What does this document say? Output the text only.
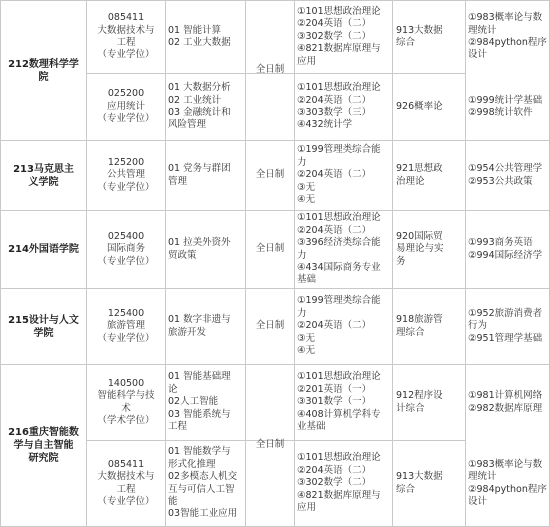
212数理科学学
院
085411
大数据技术与
工程
（专业学位）
01 智能计算
02 工业大数据
全日制
①101思想政治理论
②204英语（二）
③302数学（二）
④821数据库原理与
应用
913大数据
综合
①983概率论与数
理统计
②984python程序
设计
025200
应用统计
（专业学位）
01 大数据分析
02 工业统计
03 金融统计和
风险管理
①101思想政治理论
②204英语（二）
③303数学（三）
④432统计学
926概率论
①999统计学基础
②998统计软件
213马克思主
义学院
125200
公共管理
（专业学位）
01 党务与群团
管理
全日制
①199管理类综合能
力
②204英语（二）
③无
④无
921思想政
治理论
①954公共管理学
②953公共政策
214外国语学院
025400
国际商务
（专业学位）
01 拉美外资外
贸政策
全日制
①101思想政治理论
②204英语（二）
③396经济类综合能
力
④434国际商务专业
基础
920国际贸
易理论与实
务
①993商务英语
②994国际经济学
215设计与人文
学院
125400
旅游管理
（专业学位）
01 数字非遗与
旅游开发
全日制
①199管理类综合能
力
②204英语（二）
③无
④无
918旅游管
理综合
①952旅游消费者
行为
②951管理学基础
216重庆智能数
学与自主智能
研究院
140500
智能科学与技
术
（学术学位）
01 智能基础理
论
02人工智能
03 智能系统与
工程
全日制
①101思想政治理论
②201英语（一）
③301数学（一）
④408计算机学科专
业基础
912程序设
计综合
①981计算机网络
②982数据库原理
085411
大数据技术与
工程
（专业学位）
01 智能数学与
形式化推理
02多模态人机交
互与可信人工智
能
03智能工业应用
①101思想政治理论
②204英语（二）
③302数学（二）
④821数据库原理与
应用
913大数据
综合
①983概率论与数
理统计
②984python程序
设计
